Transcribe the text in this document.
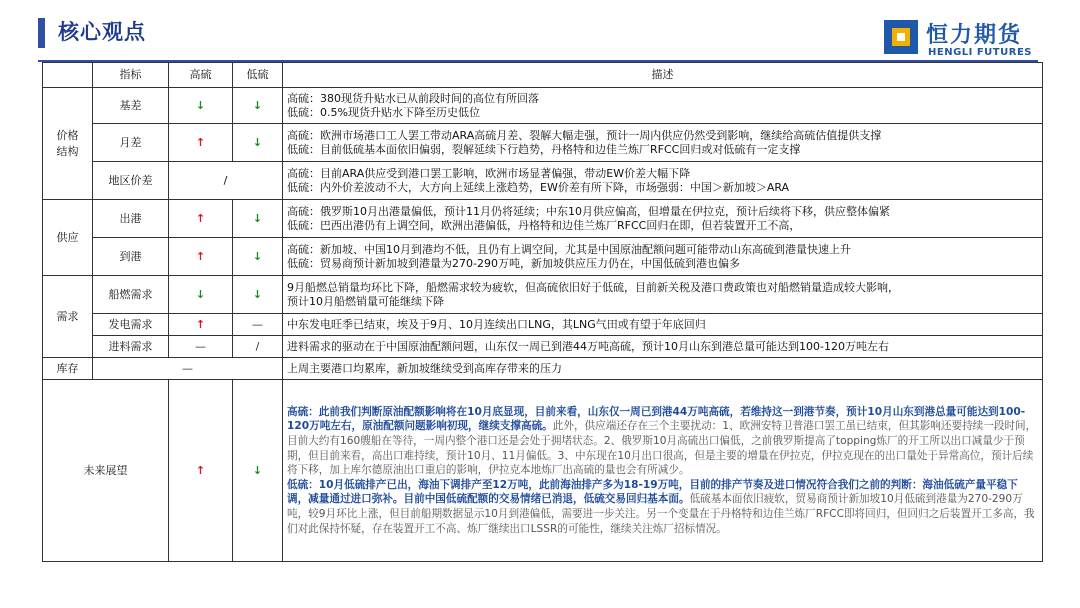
核心观点	恒力期货
HENGLI FUTURES
	指标	高硫	低硫	描述

价格结构	基差	↓	↓	高硫：380现货升贴水已从前段时间的高位有所回落
低硫：0.5%现货升贴水下降至历史低位

	月差	↑	↓	高硫：欧洲市场港口工人罢工带动ARA高硫月差、裂解大幅走强，预计一周内供应仍然受到影响，继续给高硫估值提供支撑
低硫：目前低硫基本面依旧偏弱，裂解延续下行趋势，丹格特和边佳兰炼厂RFCC回归或对低硫有一定支撑

	地区价差	/		高硫：目前ARA供应受到港口罢工影响，欧洲市场显著偏强，带动EW价差大幅下降
低硫：内外价差波动不大，大方向上延续上涨趋势，EW价差有所下降，市场强弱：中国＞新加坡＞ARA

供应	出港	↑	↓	高硫：俄罗斯10月出港量偏低，预计11月仍将延续；中东10月供应偏高，但增量在伊拉克，预计后续将下移，供应整体偏紧
低硫：巴西出港仍有上调空间，欧洲出港偏低，丹格特和边佳兰炼厂RFCC回归在即，但若装置开工不高，

	到港	↑	↓	高硫：新加坡、中国10月到港均不低，且仍有上调空间，尤其是中国原油配额问题可能带动山东高硫到港量快速上升
低硫：贸易商预计新加坡到港量为270-290万吨，新加坡供应压力仍在，中国低硫到港也偏多

需求	船燃需求	↓	↓	9月船燃总销量均环比下降，船燃需求较为疲软，但高硫依旧好于低硫，目前新关税及港口费政策也对船燃销量造成较大影响，
预计10月船燃销量可能继续下降

	发电需求	↑	—	中东发电旺季已结束，埃及于9月、10月连续出口LNG，其LNG气田或有望于年底回归

	进料需求	—	/	进料需求的驱动在于中国原油配额问题，山东仅一周已到港44万吨高硫，预计10月山东到港总量可能达到100-120万吨左右

库存	—			上周主要港口均累库，新加坡继续受到高库存带来的压力

未来展望		↑	↓	高硫：此前我们判断原油配额影响将在10月底显现，目前来看，山东仅一周已到港44万吨高硫，若维持这一到港节奏，预计10月山东到港总量可能达到100-120万吨左右，原油配额问题影响初现，继续支撑高硫。此外，供应端还存在三个主要扰动：1、欧洲安特卫普港口罢工虽已结束，但其影响还要持续一段时间，目前大约有160艘船在等待，一周内整个港口还是会处于拥堵状态。2、俄罗斯10月高硫出口偏低，之前俄罗斯提高了topping炼厂的开工所以出口减量少于预期，但目前来看，高出口难持续，预计10月、11月偏低。3、中东现在10月出口很高，但是主要的增量在伊拉克，伊拉克现在的出口量处于异常高位，预计后续将下移，加上库尔德原油出口重启的影响，伊拉克本地炼厂出高硫的量也会有所减少。
低硫：10月低硫排产已出，海油下调排产至12万吨，此前海油排产多为18-19万吨，目前的排产节奏及进口情况符合我们之前的判断：海油低硫产量平稳下调，减量通过进口弥补。目前中国低硫配额的交易情绪已消退，低硫交易回归基本面。低硫基本面依旧疲软，贸易商预计新加坡10月低硫到港量为270-290万吨，较9月环比上涨，但目前船期数据显示10月到港偏低，需要进一步关注。另一个变量在于丹格特和边佳兰炼厂RFCC即将回归，但回归之后装置开工多高，我们对此保持怀疑，存在装置开工不高、炼厂继续出口LSSR的可能性，继续关注炼厂招标情况。
